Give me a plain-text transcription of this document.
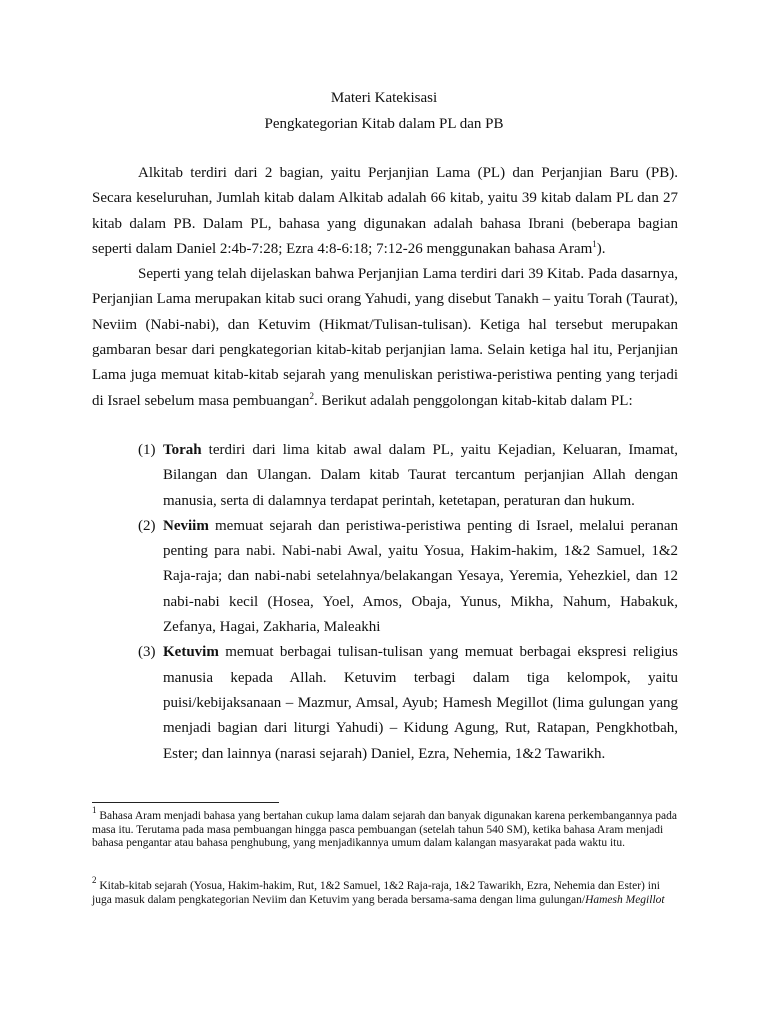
Materi Katekisasi
Pengkategorian Kitab dalam PL dan PB

Alkitab terdiri dari 2 bagian, yaitu Perjanjian Lama (PL) dan Perjanjian Baru (PB). Secara keseluruhan, Jumlah kitab dalam Alkitab adalah 66 kitab, yaitu 39 kitab dalam PL dan 27 kitab dalam PB. Dalam PL, bahasa yang digunakan adalah bahasa Ibrani (beberapa bagian seperti dalam Daniel 2:4b-7:28; Ezra 4:8-6:18; 7:12-26 menggunakan bahasa Aram$^1$).

Seperti yang telah dijelaskan bahwa Perjanjian Lama terdiri dari 39 Kitab. Pada dasarnya, Perjanjian Lama merupakan kitab suci orang Yahudi, yang disebut Tanakh – yaitu Torah (Taurat), Neviim (Nabi-nabi), dan Ketuvim (Hikmat/Tulisan-tulisan). Ketiga hal tersebut merupakan gambaran besar dari pengkategorian kitab-kitab perjanjian lama. Selain ketiga hal itu, Perjanjian Lama juga memuat kitab-kitab sejarah yang menuliskan peristiwa-peristiwa penting yang terjadi di Israel sebelum masa pembuangan$^2$. Berikut adalah penggolongan kitab-kitab dalam PL:

(1) Torah terdiri dari lima kitab awal dalam PL, yaitu Kejadian, Keluaran, Imamat, Bilangan dan Ulangan. Dalam kitab Taurat tercantum perjanjian Allah dengan manusia, serta di dalamnya terdapat perintah, ketetapan, peraturan dan hukum.

(2) Neviim memuat sejarah dan peristiwa-peristiwa penting di Israel, melalui peranan penting para nabi. Nabi-nabi Awal, yaitu Yosua, Hakim-hakim, 1&2 Samuel, 1&2 Raja-raja; dan nabi-nabi setelahnya/belakangan Yesaya, Yeremia, Yehezkiel, dan 12 nabi-nabi kecil (Hosea, Yoel, Amos, Obaja, Yunus, Mikha, Nahum, Habakuk, Zefanya, Hagai, Zakharia, Maleakhi

(3) Ketuvim memuat berbagai tulisan-tulisan yang memuat berbagai ekspresi religius manusia kepada Allah. Ketuvim terbagi dalam tiga kelompok, yaitu puisi/kebijaksanaan – Mazmur, Amsal, Ayub; Hamesh Megillot (lima gulungan yang menjadi bagian dari liturgi Yahudi) – Kidung Agung, Rut, Ratapan, Pengkhotbah, Ester; dan lainnya (narasi sejarah) Daniel, Ezra, Nehemia, 1&2 Tawarikh.

$^1$ Bahasa Aram menjadi bahasa yang bertahan cukup lama dalam sejarah dan banyak digunakan karena perkembangannya pada masa itu. Terutama pada masa pembuangan hingga pasca pembuangan (setelah tahun 540 SM), ketika bahasa Aram menjadi bahasa pengantar atau bahasa penghubung, yang menjadikannya umum dalam kalangan masyarakat pada waktu itu.
$^2$ Kitab-kitab sejarah (Yosua, Hakim-hakim, Rut, 1&2 Samuel, 1&2 Raja-raja, 1&2 Tawarikh, Ezra, Nehemia dan Ester) ini juga masuk dalam pengkategorian Neviim dan Ketuvim yang berada bersama-sama dengan lima gulungan/Hamesh Megillot
